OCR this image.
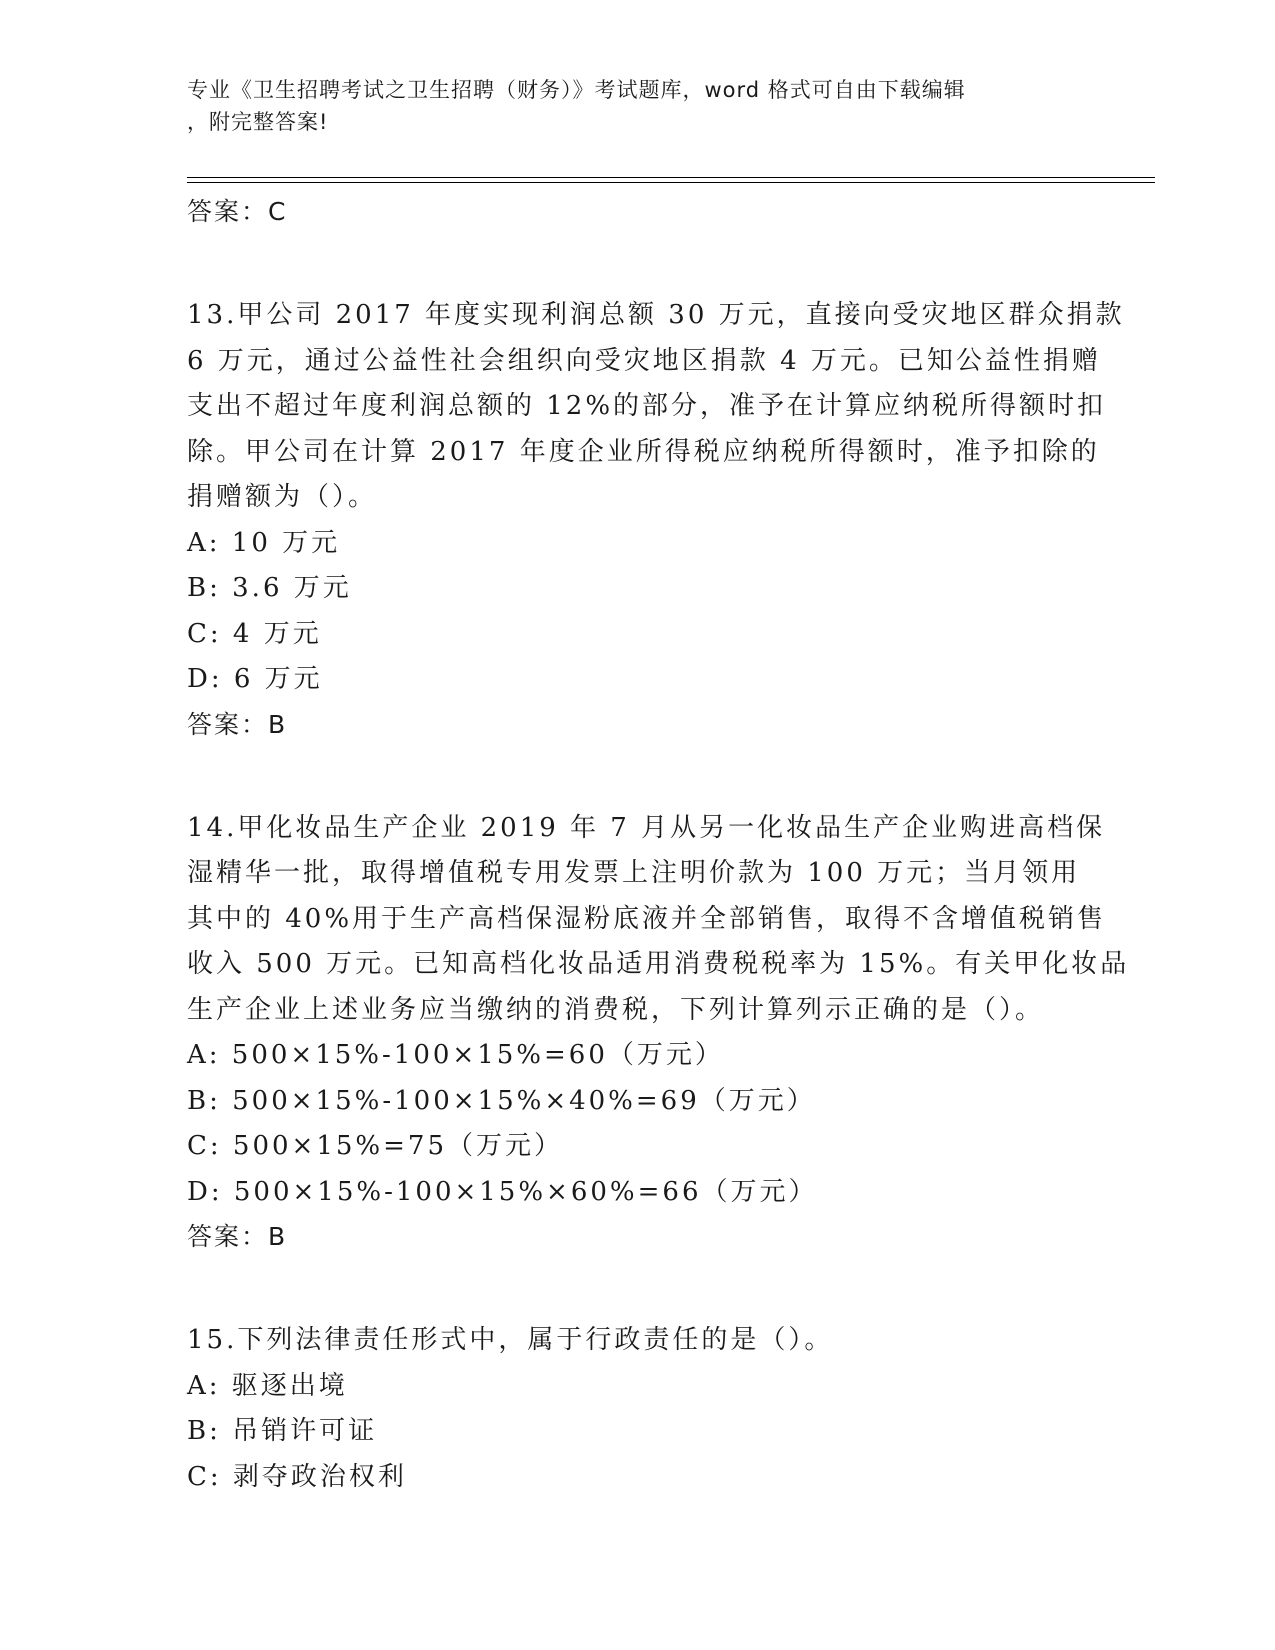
专业《卫生招聘考试之卫生招聘（财务）》考试题库，word 格式可自由下载编辑
，附完整答案!
答案：C
13.甲公司 2017 年度实现利润总额 30 万元，直接向受灾地区群众捐款
6 万元，通过公益性社会组织向受灾地区捐款 4 万元。已知公益性捐赠
支出不超过年度利润总额的 12%的部分，准予在计算应纳税所得额时扣
除。甲公司在计算 2017 年度企业所得税应纳税所得额时，准予扣除的
捐赠额为（）。
A: 10 万元
B: 3.6 万元
C: 4 万元
D: 6 万元
答案：B
14.甲化妆品生产企业 2019 年 7 月从另一化妆品生产企业购进高档保
湿精华一批，取得增值税专用发票上注明价款为 100 万元；当月领用
其中的 40%用于生产高档保湿粉底液并全部销售，取得不含增值税销售
收入 500 万元。已知高档化妆品适用消费税税率为 15%。有关甲化妆品
生产企业上述业务应当缴纳的消费税，下列计算列示正确的是（）。
A: 500×15%-100×15%=60（万元）
B: 500×15%-100×15%×40%=69（万元）
C: 500×15%=75（万元）
D: 500×15%-100×15%×60%=66（万元）
答案：B
15.下列法律责任形式中，属于行政责任的是（）。
A: 驱逐出境
B: 吊销许可证
C: 剥夺政治权利
